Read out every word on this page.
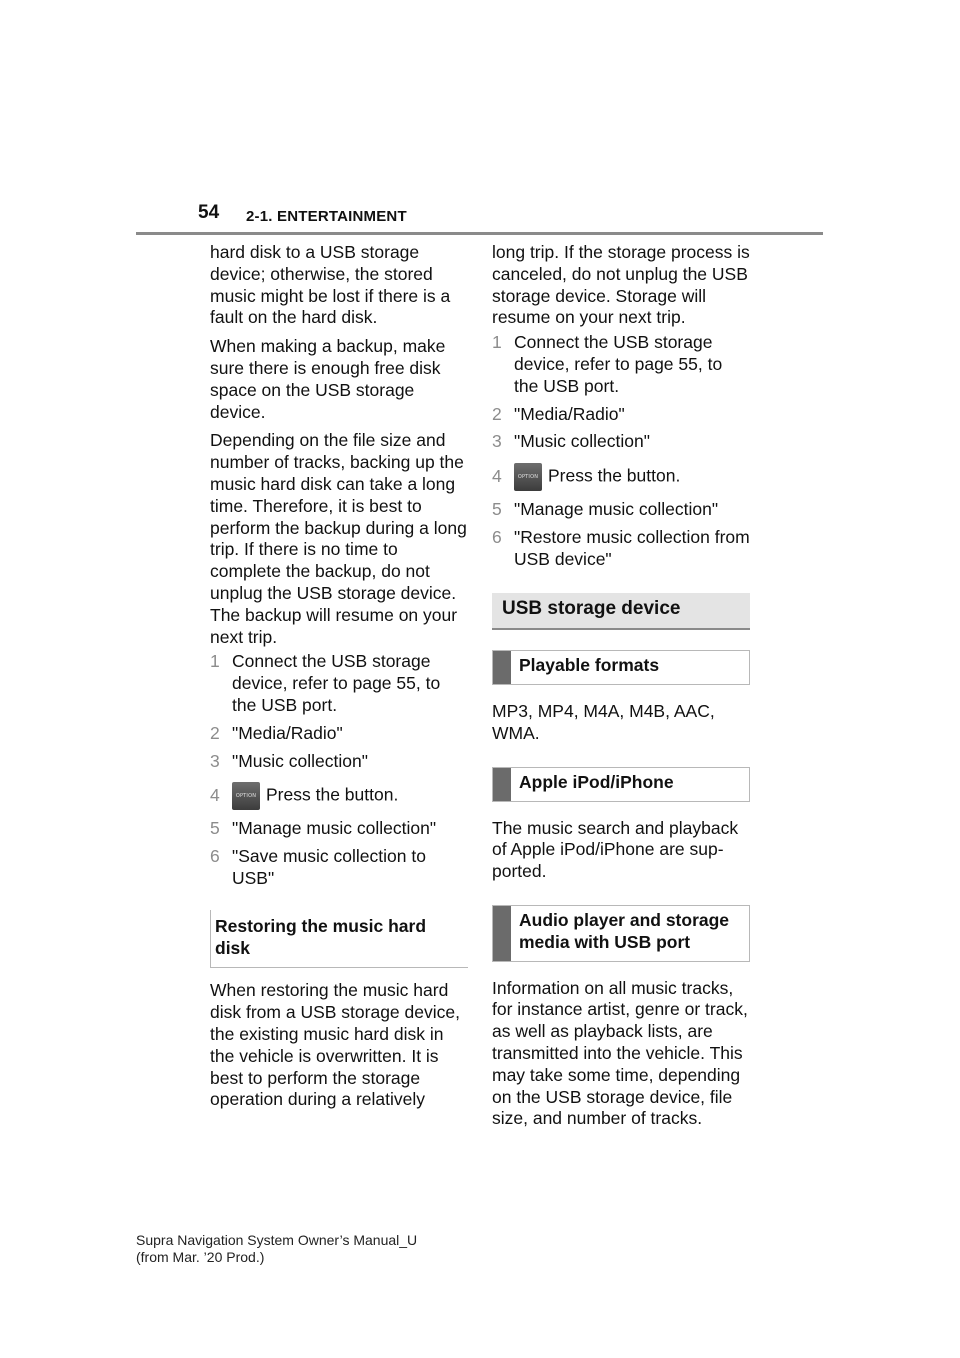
54 2-1. ENTERTAINMENT

hard disk to a USB storage device; otherwise, the stored music might be lost if there is a fault on the hard disk.

When making a backup, make sure there is enough free disk space on the USB storage device.

Depending on the file size and number of tracks, backing up the music hard disk can take a long time. Therefore, it is best to perform the backup during a long trip. If there is no time to complete the backup, do not unplug the USB storage device. The backup will resume on your next trip.

1 Connect the USB storage device, refer to page 55, to the USB port.
2 "Media/Radio"
3 "Music collection"
4	OPTION Press the button.
5 "Manage music collection"
6 "Save music collection to USB"
Restoring the music hard disk

When restoring the music hard disk from a USB storage device, the existing music hard disk in the vehicle is overwritten. It is best to perform the storage operation during a relatively

long trip. If the storage process is canceled, do not unplug the USB storage device. Storage will resume on your next trip.

1 Connect the USB storage device, refer to page 55, to the USB port.
2 "Media/Radio"
3 "Music collection"
4	OPTION Press the button.
5 "Manage music collection"
6 "Restore music collection from USB device"
USB storage device
Playable formats

MP3, MP4, M4A, M4B, AAC, WMA.

Apple iPod/iPhone

The music search and playback of Apple iPod/iPhone are sup-ported.

Audio player and storage media with USB port

Information on all music tracks, for instance artist, genre or track, as well as playback lists, are transmitted into the vehicle. This may take some time, depending on the USB storage device, file size, and number of tracks.

Supra Navigation System Owner’s Manual_U
(from Mar. ’20 Prod.)
